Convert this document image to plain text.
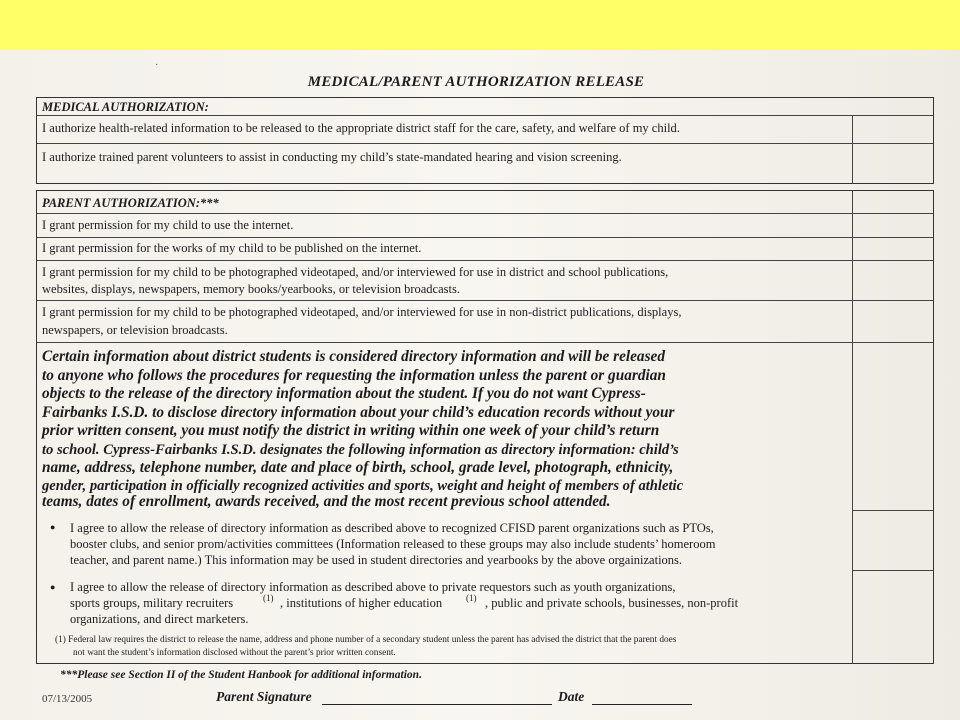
·
MEDICAL/PARENT AUTHORIZATION RELEASE
MEDICAL AUTHORIZATION:
I authorize health-related information to be released to the appropriate district staff for the care, safety, and welfare of my child.
I authorize trained parent volunteers to assist in conducting my child’s state-mandated hearing and vision screening.
PARENT AUTHORIZATION:***
I grant permission for my child to use the internet.
I grant permission for the works of my child to be published on the internet.
I grant permission for my child to be photographed videotaped, and/or interviewed for use in district and school publications,
websites, displays, newspapers, memory books/yearbooks, or television broadcasts.
I grant permission for my child to be photographed videotaped, and/or interviewed for use in non-district publications, displays,
newspapers, or television broadcasts.
Certain information about district students is considered directory information and will be released
to anyone who follows the procedures for requesting the information unless the parent or guardian
objects to the release of the directory information about the student. If you do not want Cypress-
Fairbanks I.S.D. to disclose directory information about your child’s education records without your
prior written consent, you must notify the district in writing within one week of your child’s return
to school. Cypress-Fairbanks I.S.D. designates the following information as directory information: child’s
name, address, telephone number, date and place of birth, school, grade level, photograph, ethnicity,
gender, participation in officially recognized activities and sports, weight and height of members of athletic
teams, dates of enrollment, awards received, and the most recent previous school attended.
● I agree to allow the release of directory information as described above to recognized CFISD parent organizations such as PTOs,
booster clubs, and senior prom/activities committees (Information released to these groups may also include students’ homeroom
teacher, and parent name.) This information may be used in student directories and yearbooks by the above orgainizations.
● I agree to allow the release of directory information as described above to private requestors such as youth organizations,
sports groups, military recruiters	(1) , institutions of higher education	(1) , public and private schools, businesses, non-profit
organizations, and direct marketers.
(1) Federal law requires the district to release the name, address and phone number of a secondary student unless the parent has advised the district that the parent does
not want the student’s information disclosed without the parent’s prior written consent.
***Please see Section II of the Student Hanbook for additional information.
07/13/2005	Parent Signature	Date
